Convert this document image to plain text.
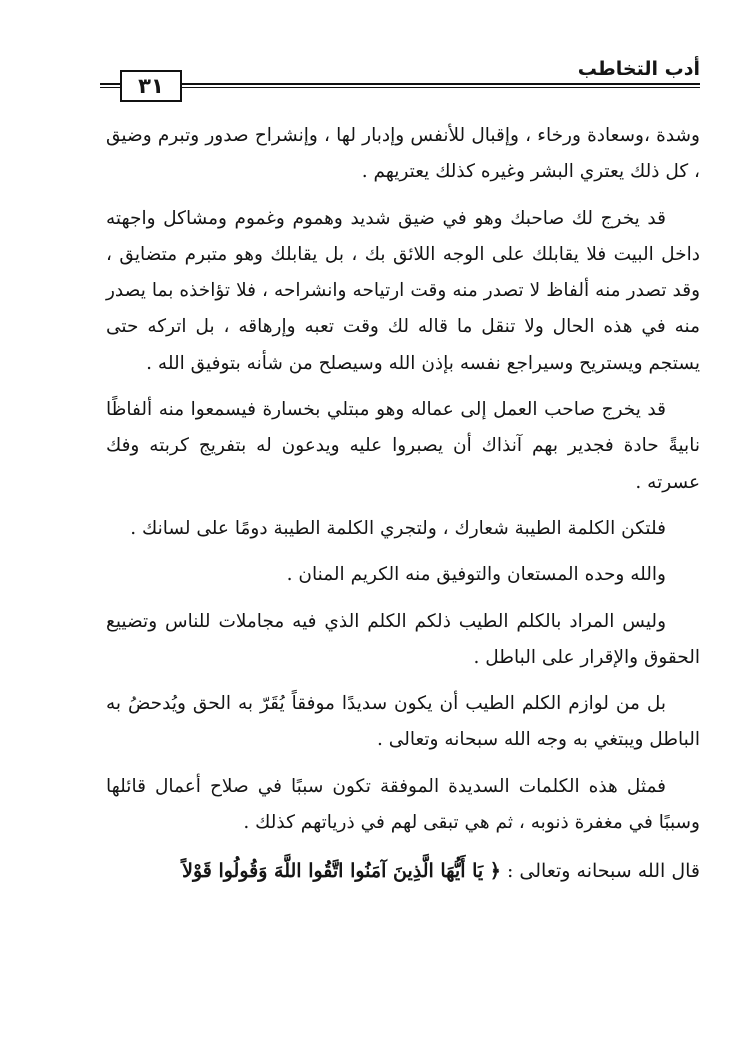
أدب التخاطب
٣١

وشدة ،وسعادة ورخاء ، وإقبال للأنفس وإدبار لها ، وإنشراح صدور وتبرم وضيق ، كل ذلك يعتري البشر وغيره كذلك يعتريهم .

قد يخرج لك صاحبك وهو في ضيق شديد وهموم وغموم ومشاكل واجهته داخل البيت فلا يقابلك على الوجه اللائق بك ، بل يقابلك وهو متبرم متضايق ، وقد تصدر منه ألفاظ لا تصدر منه وقت ارتياحه وانشراحه ، فلا تؤاخذه بما يصدر منه في هذه الحال ولا تنقل ما قاله لك وقت تعبه وإرهاقه ، بل اتركه حتى يستجم ويستريح وسيراجع نفسه بإذن الله وسيصلح من شأنه بتوفيق الله .

قد يخرج صاحب العمل إلى عماله وهو مبتلي بخسارة فيسمعوا منه ألفاظًا نابيةً حادة فجدير بهم آنذاك أن يصبروا عليه ويدعون له بتفريج كربته وفك عسرته .

فلتكن الكلمة الطيبة شعارك ، ولتجري الكلمة الطيبة دومًا على لسانك .

والله وحده المستعان والتوفيق منه الكريم المنان .

وليس المراد بالكلم الطيب ذلكم الكلم الذي فيه مجاملات للناس وتضييع الحقوق والإقرار على الباطل .

بل من لوازم الكلم الطيب أن يكون سديدًا موفقاً يُقَرّ به الحق ويُدحضُ به الباطل ويبتغي به وجه الله سبحانه وتعالى .

فمثل هذه الكلمات السديدة الموفقة تكون سببًا في صلاح أعمال قائلها وسببًا في مغفرة ذنوبه ، ثم هي تبقى لهم في ذرياتهم كذلك .

قال الله سبحانه وتعالى : ﴿ يَا أَيُّهَا الَّذِينَ آمَنُوا اتَّقُوا اللَّهَ وَقُولُوا قَوْلاً
